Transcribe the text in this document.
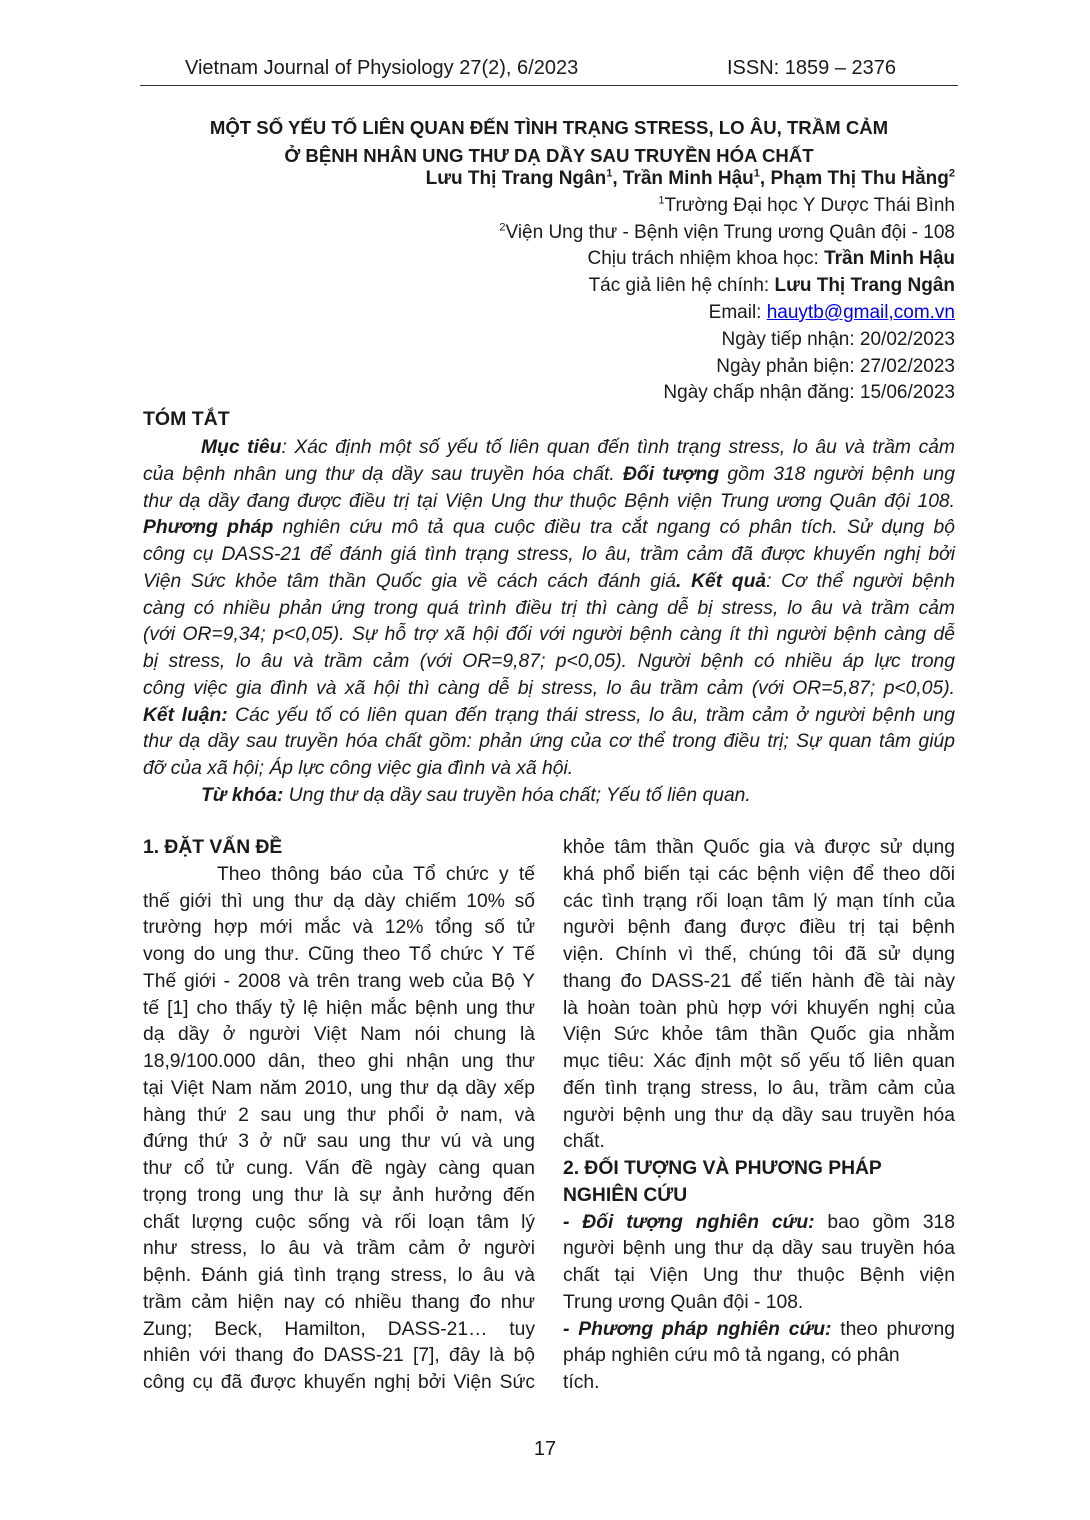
Vietnam Journal of Physiology 27(2), 6/2023	ISSN: 1859 – 2376
MỘT SỐ YẾU TỐ LIÊN QUAN ĐẾN TÌNH TRẠNG STRESS, LO ÂU, TRẦM CẢM
Ở BỆNH NHÂN UNG THƯ DẠ DẦY SAU TRUYỀN HÓA CHẤT
Lưu Thị Trang Ngân$^1$, Trần Minh Hậu$^1$, Phạm Thị Thu Hằng$^2$
$^1$Trường Đại học Y Dược Thái Bình
$^2$Viện Ung thư - Bệnh viện Trung ương Quân đội - 108
Chịu trách nhiệm khoa học: Trần Minh Hậu
Tác giả liên hệ chính: Lưu Thị Trang Ngân
Email: hauytb@gmail,com.vn
Ngày tiếp nhận: 20/02/2023
Ngày phản biện: 27/02/2023
Ngày chấp nhận đăng: 15/06/2023
TÓM TẮT
Mục tiêu: Xác định một số yếu tố liên quan đến tình trạng stress, lo âu và trầm cảm
của bệnh nhân ung thư dạ dầy sau truyền hóa chất. Đối tượng gồm 318 người bệnh ung
thư dạ dầy đang được điều trị tại Viện Ung thư thuộc Bệnh viện Trung ương Quân đội 108.
Phương pháp nghiên cứu mô tả qua cuộc điều tra cắt ngang có phân tích. Sử dụng bộ
công cụ DASS-21 để đánh giá tình trạng stress, lo âu, trầm cảm đã được khuyến nghị bởi
Viện Sức khỏe tâm thần Quốc gia về cách cách đánh giá. Kết quả: Cơ thể người bệnh
càng có nhiều phản ứng trong quá trình điều trị thì càng dễ bị stress, lo âu và trầm cảm
(với OR=9,34; p<0,05). Sự hỗ trợ xã hội đối với người bệnh càng ít thì người bệnh càng dễ
bị stress, lo âu và trầm cảm (với OR=9,87; p<0,05). Người bệnh có nhiều áp lực trong
công việc gia đình và xã hội thì càng dễ bị stress, lo âu trầm cảm (với OR=5,87; p<0,05).
Kết luận: Các yếu tố có liên quan đến trạng thái stress, lo âu, trầm cảm ở người bệnh ung
thư dạ dầy sau truyền hóa chất gồm: phản ứng của cơ thể trong điều trị; Sự quan tâm giúp
đỡ của xã hội; Áp lực công việc gia đình và xã hội.
Từ khóa: Ung thư dạ dầy sau truyền hóa chất; Yếu tố liên quan.
1. ĐẶT VẤN ĐỀ
Theo thông báo của Tổ chức y tế
thế giới thì ung thư dạ dày chiếm 10% số
trường hợp mới mắc và 12% tổng số tử
vong do ung thư. Cũng theo Tổ chức Y Tế
Thế giới - 2008 và trên trang web của Bộ Y
tế [1] cho thấy tỷ lệ hiện mắc bệnh ung thư
dạ dầy ở người Việt Nam nói chung là
18,9/100.000 dân, theo ghi nhận ung thư
tại Việt Nam năm 2010, ung thư dạ dầy xếp
hàng thứ 2 sau ung thư phổi ở nam, và
đứng thứ 3 ở nữ sau ung thư vú và ung
thư cổ tử cung. Vấn đề ngày càng quan
trọng trong ung thư là sự ảnh hưởng đến
chất lượng cuộc sống và rối loạn tâm lý
như stress, lo âu và trầm cảm ở người
bệnh. Đánh giá tình trạng stress, lo âu và
trầm cảm hiện nay có nhiều thang đo như
Zung; Beck, Hamilton, DASS-21… tuy
nhiên với thang đo DASS-21 [7], đây là bộ
công cụ đã được khuyến nghị bởi Viện Sức
khỏe tâm thần Quốc gia và được sử dụng
khá phổ biến tại các bệnh viện để theo dõi
các tình trạng rối loạn tâm lý mạn tính của
người bệnh đang được điều trị tại bệnh
viện. Chính vì thế, chúng tôi đã sử dụng
thang đo DASS-21 để tiến hành đề tài này
là hoàn toàn phù hợp với khuyến nghị của
Viện Sức khỏe tâm thần Quốc gia nhằm
mục tiêu: Xác định một số yếu tố liên quan
đến tình trạng stress, lo âu, trầm cảm của
người bệnh ung thư dạ dầy sau truyền hóa
chất.
2. ĐỐI TƯỢNG VÀ PHƯƠNG PHÁP
NGHIÊN CỨU
- Đối tượng nghiên cứu: bao gồm 318
người bệnh ung thư dạ dầy sau truyền hóa
chất tại Viện Ung thư thuộc Bệnh viện
Trung ương Quân đội - 108.
- Phương pháp nghiên cứu: theo phương
pháp nghiên cứu mô tả ngang, có phân
tích.
17
